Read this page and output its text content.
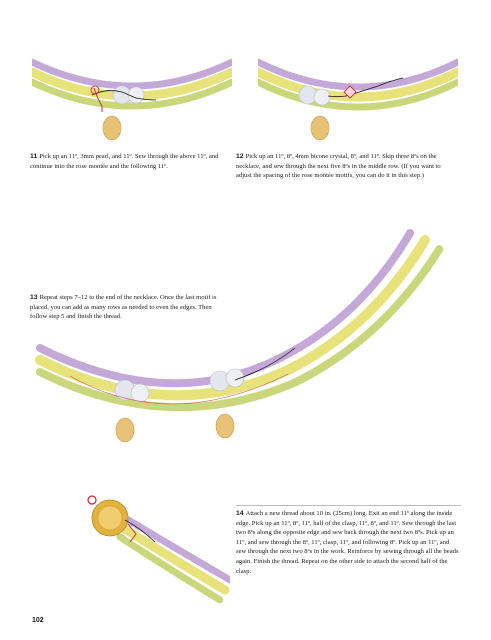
11 Pick up an 11º, 3mm pearl, and 11º. Sew through the above 11º, and continue into the rose montée and the following 11º.
12 Pick up an 11º, 8º, 4mm bicone crystal, 8º, and 11º. Skip three 8ºs on the necklace, and sew through the next five 8ºs in the middle row. (If you want to adjust the spacing of the rose montée motifs, you can do it in this step.)
13 Repeat steps 7–12 to the end of the necklace. Once the last motif is placed, you can add as many rows as needed to even the edges. Then follow step 5 and finish the thread.
14 Attach a new thread about 10 in. (25cm) long. Exit an end 11º along the inside edge. Pick up an 11º, 8º, 11º, half of the clasp, 11º, 8º, and 11º. Sew through the last two 8ºs along the opposite edge and sew back through the next two 8ºs. Pick up an 11º, and sew through the 8º, 11º, clasp, 11º, and following 8º. Pick up an 11º, and sew through the next two 8ºs in the work. Reinforce by sewing through all the beads again. Finish the thread. Repeat on the other side to attach the second half of the clasp.
102
